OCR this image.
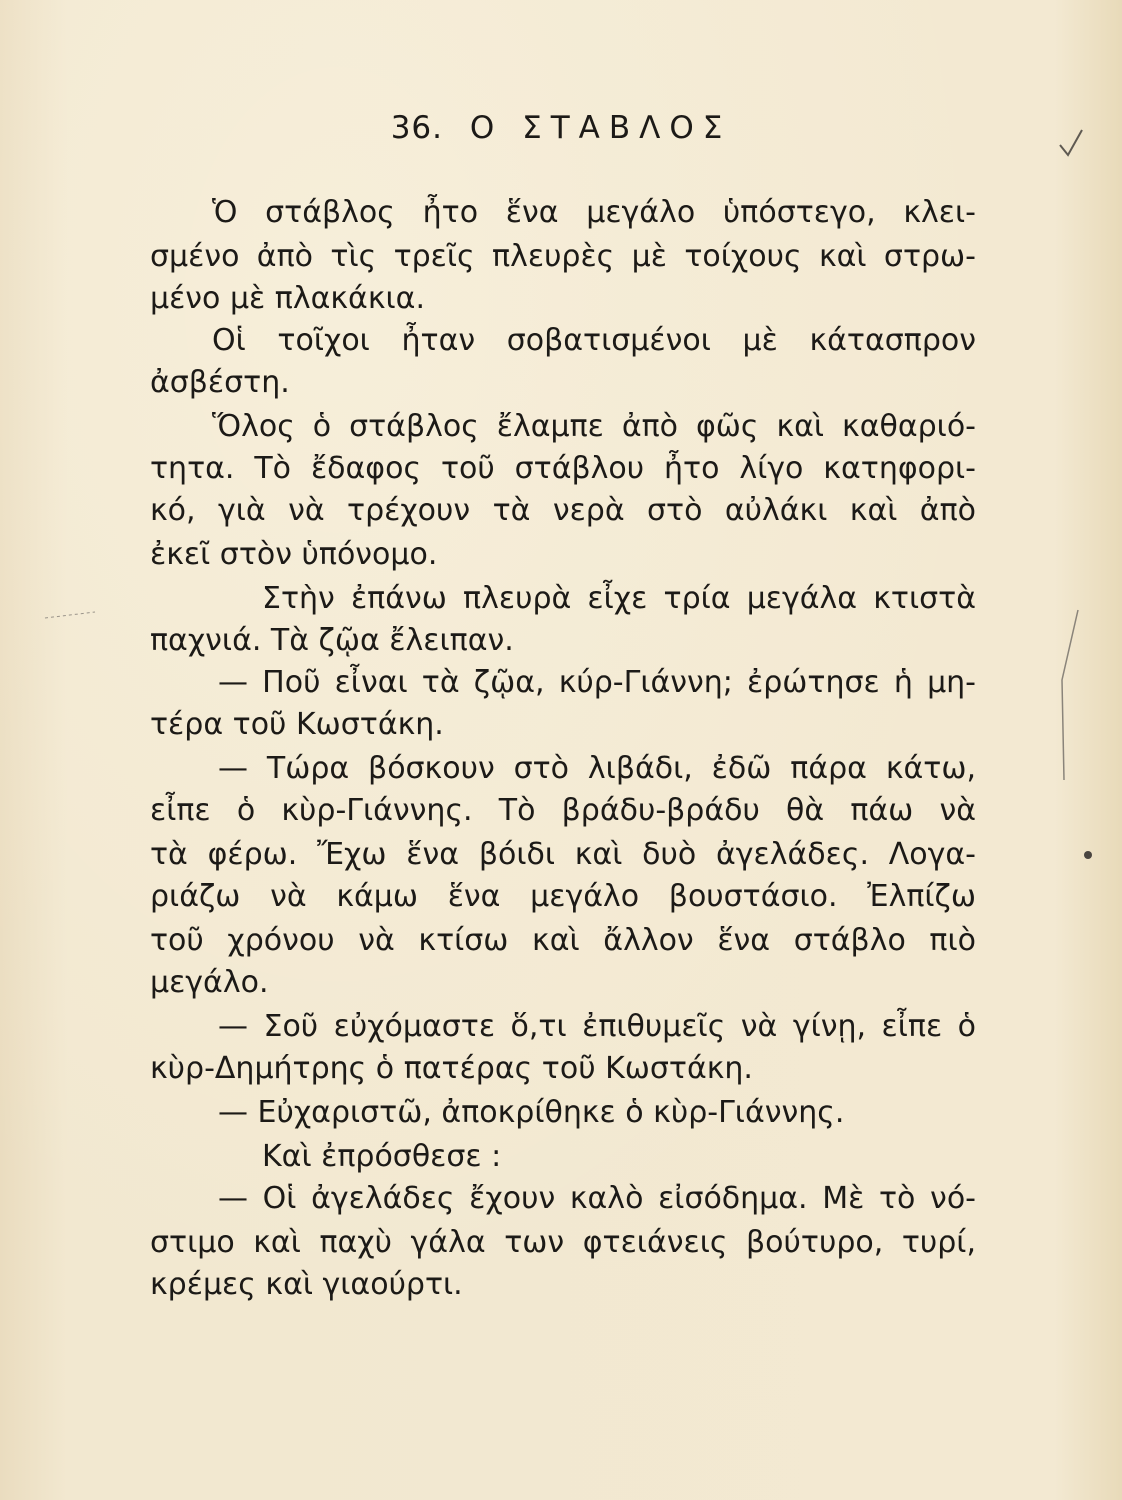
36. Ο ΣΤΑΒΛΟΣ
Ὁ στάβλος ἦτο ἕνα μεγάλο ὑπόστεγο, κλει-
σμένο ἀπὸ τὶς τρεῖς πλευρὲς μὲ τοίχους καὶ στρω-
μένο μὲ πλακάκια.
Οἱ τοῖχοι ἦταν σοβατισμένοι μὲ κάτασπρον
ἀσβέστη.
Ὅλος ὁ στάβλος ἔλαμπε ἀπὸ φῶς καὶ καθαριό-
τητα. Τὸ ἔδαφος τοῦ στάβλου ἦτο λίγο κατηφορι-
κό, γιὰ νὰ τρέχουν τὰ νερὰ στὸ αὐλάκι καὶ ἀπὸ
ἐκεῖ στὸν ὑπόνομο.
Στὴν ἐπάνω πλευρὰ εἶχε τρία μεγάλα κτιστὰ
παχνιά. Τὰ ζῷα ἔλειπαν.
— Ποῦ εἶναι τὰ ζῷα, κύρ-Γιάννη; ἐρώτησε ἡ μη-
τέρα τοῦ Κωστάκη.
— Τώρα βόσκουν στὸ λιβάδι, ἐδῶ πάρα κάτω,
εἶπε ὁ κὺρ-Γιάννης. Τὸ βράδυ-βράδυ θὰ πάω νὰ
τὰ φέρω. Ἔχω ἕνα βόιδι καὶ δυὸ ἀγελάδες. Λογα-
ριάζω νὰ κάμω ἕνα μεγάλο βουστάσιο. Ἐλπίζω
τοῦ χρόνου νὰ κτίσω καὶ ἄλλον ἕνα στάβλο πιὸ
μεγάλο.
— Σοῦ εὐχόμαστε ὅ,τι ἐπιθυμεῖς νὰ γίνῃ, εἶπε ὁ
κὺρ-Δημήτρης ὁ πατέρας τοῦ Κωστάκη.
— Εὐχαριστῶ, ἀποκρίθηκε ὁ κὺρ-Γιάννης.
Καὶ ἐπρόσθεσε :
— Οἱ ἀγελάδες ἔχουν καλὸ εἰσόδημα. Μὲ τὸ νό-
στιμο καὶ παχὺ γάλα των φτειάνεις βούτυρο, τυρί,
κρέμες καὶ γιαούρτι.
